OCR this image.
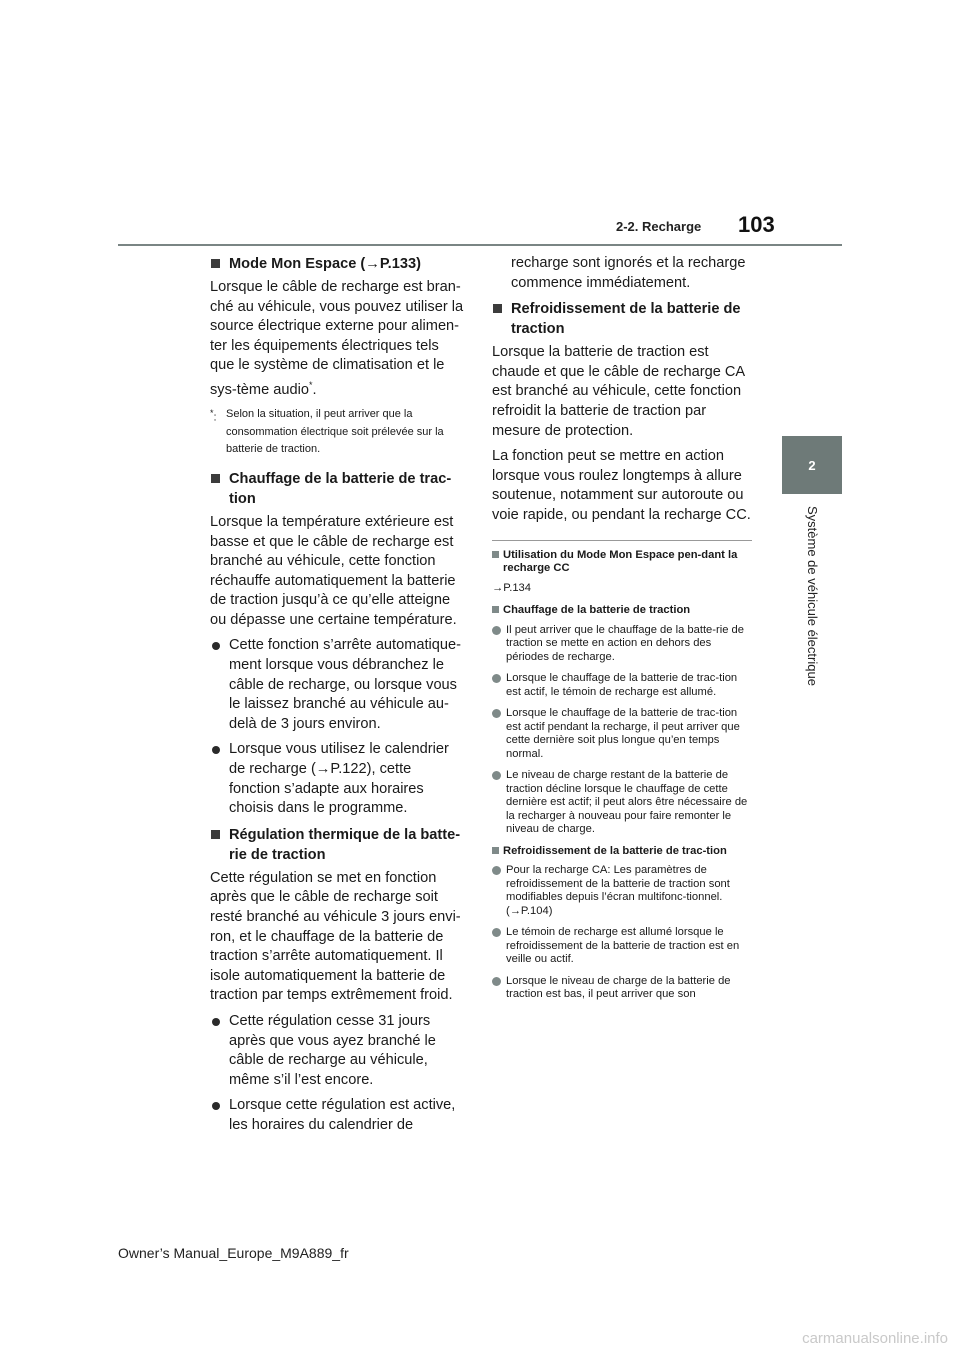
2-2. Recharge 103
2
Système de véhicule électrique
Mode Mon Espace (→P.133)
Lorsque le câble de recharge est bran-ché au véhicule, vous pouvez utiliser la source électrique externe pour alimen-ter les équipements électriques tels que le système de climatisation et le sys-tème audio*.
*: Selon la situation, il peut arriver que la consommation électrique soit prélevée sur la batterie de traction.
Chauffage de la batterie de trac-tion
Lorsque la température extérieure est basse et que le câble de recharge est branché au véhicule, cette fonction réchauffe automatiquement la batterie de traction jusqu’à ce qu’elle atteigne ou dépasse une certaine température.
Cette fonction s’arrête automatique-ment lorsque vous débranchez le câble de recharge, ou lorsque vous le laissez branché au véhicule au-delà de 3 jours environ.
Lorsque vous utilisez le calendrier de recharge (→P.122), cette fonction s’adapte aux horaires choisis dans le programme.
Régulation thermique de la batte-rie de traction
Cette régulation se met en fonction après que le câble de recharge soit resté branché au véhicule 3 jours envi-ron, et le chauffage de la batterie de traction s’arrête automatiquement. Il isole automatiquement la batterie de traction par temps extrêmement froid.
Cette régulation cesse 31 jours après que vous ayez branché le câble de recharge au véhicule, même s’il l’est encore.
Lorsque cette régulation est active, les horaires du calendrier de
recharge sont ignorés et la recharge commence immédiatement.
Refroidissement de la batterie de traction
Lorsque la batterie de traction est chaude et que le câble de recharge CA est branché au véhicule, cette fonction refroidit la batterie de traction par mesure de protection.
La fonction peut se mettre en action lorsque vous roulez longtemps à allure soutenue, notamment sur autoroute ou voie rapide, ou pendant la recharge CC.
Utilisation du Mode Mon Espace pen-dant la recharge CC
→P.134
Chauffage de la batterie de traction
Il peut arriver que le chauffage de la batte-rie de traction se mette en action en dehors des périodes de recharge.
Lorsque le chauffage de la batterie de trac-tion est actif, le témoin de recharge est allumé.
Lorsque le chauffage de la batterie de trac-tion est actif pendant la recharge, il peut arriver que cette dernière soit plus longue qu’en temps normal.
Le niveau de charge restant de la batterie de traction décline lorsque le chauffage de cette dernière est actif; il peut alors être nécessaire de la recharger à nouveau pour faire remonter le niveau de charge.
Refroidissement de la batterie de trac-tion
Pour la recharge CA: Les paramètres de refroidissement de la batterie de traction sont modifiables depuis l’écran multifonc-tionnel. (→P.104)
Le témoin de recharge est allumé lorsque le refroidissement de la batterie de traction est en veille ou actif.
Lorsque le niveau de charge de la batterie de traction est bas, il peut arriver que son
Owner’s Manual_Europe_M9A889_fr
carmanualsonline.info
